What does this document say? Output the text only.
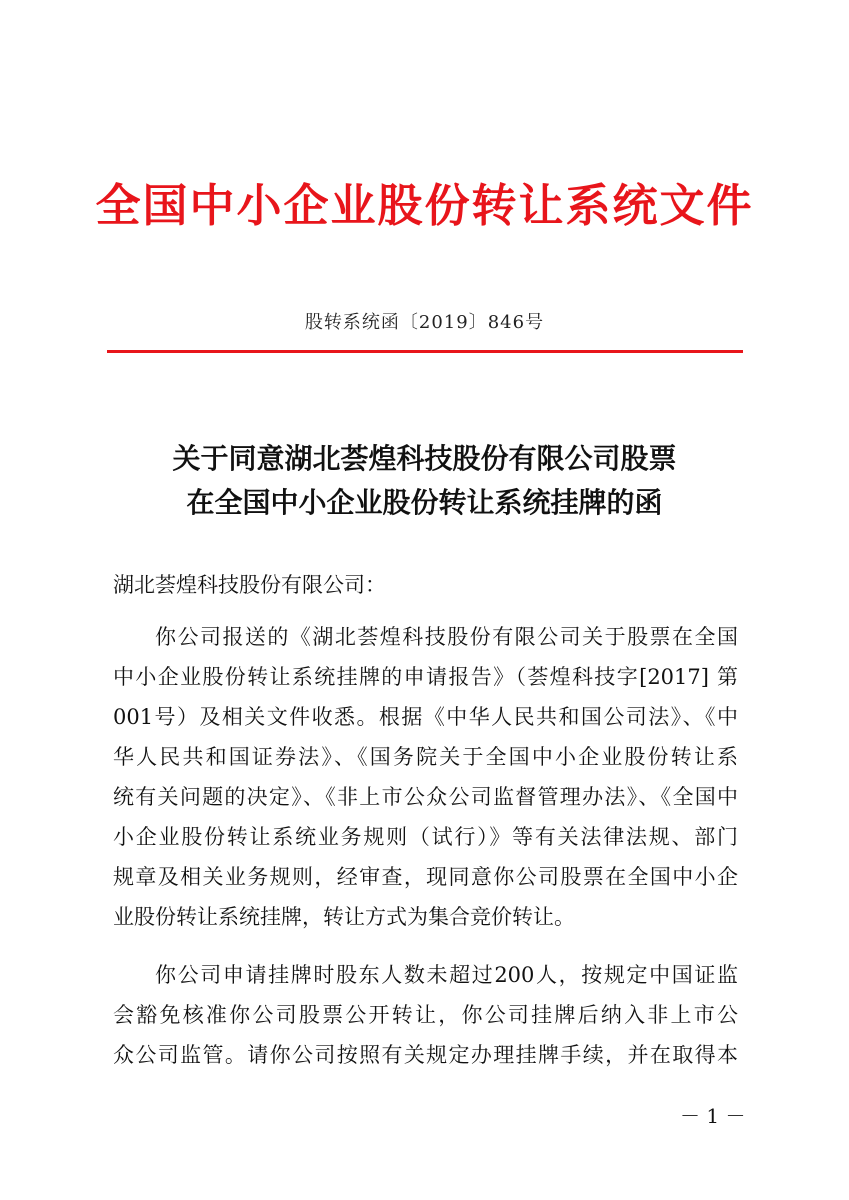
全国中小企业股份转让系统文件
股转系统函〔2019〕846号
关于同意湖北荟煌科技股份有限公司股票
在全国中小企业股份转让系统挂牌的函
湖北荟煌科技股份有限公司：
你公司报送的《湖北荟煌科技股份有限公司关于股票在全国
中小企业股份转让系统挂牌的申请报告》（荟煌科技字[2017] 第
001号）及相关文件收悉。根据《中华人民共和国公司法》、《中
华人民共和国证券法》、《国务院关于全国中小企业股份转让系
统有关问题的决定》、《非上市公众公司监督管理办法》、《全国中
小企业股份转让系统业务规则（试行）》等有关法律法规、部门
规章及相关业务规则，经审查，现同意你公司股票在全国中小企
业股份转让系统挂牌，转让方式为集合竞价转让。
你公司申请挂牌时股东人数未超过200人，按规定中国证监
会豁免核准你公司股票公开转让，你公司挂牌后纳入非上市公
众公司监管。请你公司按照有关规定办理挂牌手续，并在取得本
－ 1 －
